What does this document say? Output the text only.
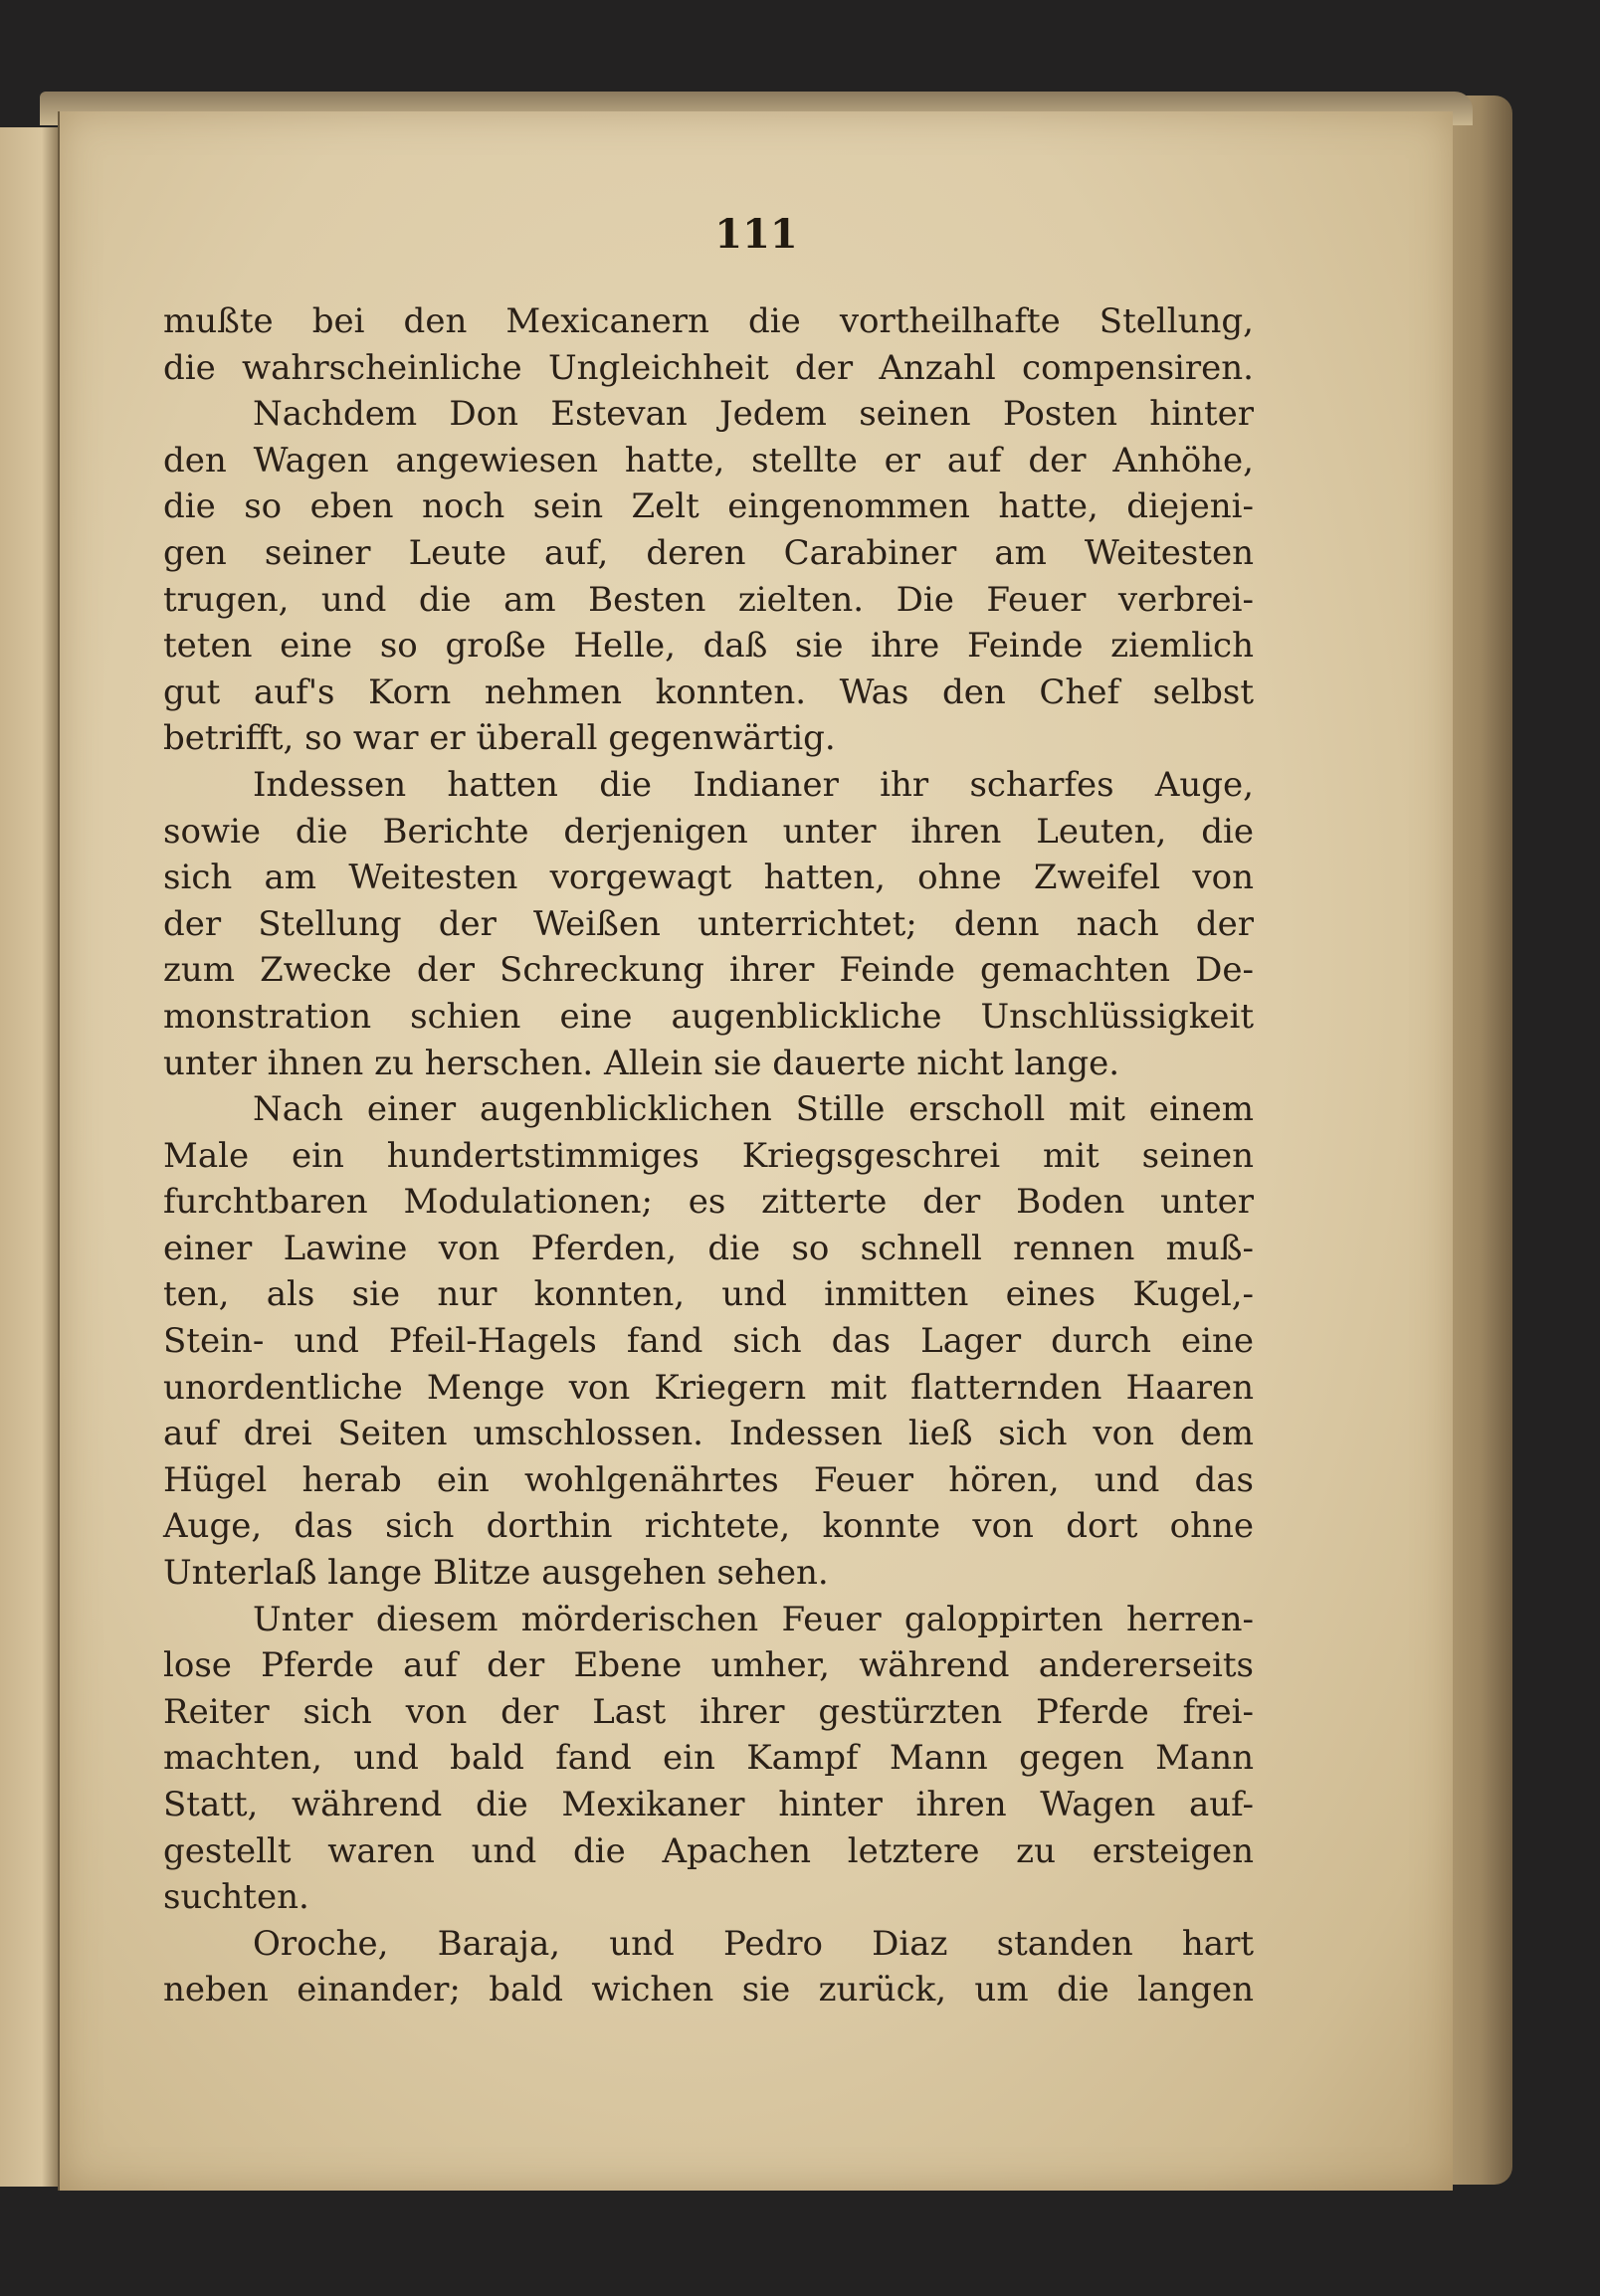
111
mußte bei den Mexicanern die vortheilhafte Stellung,
die wahrscheinliche Ungleichheit der Anzahl compensiren.
Nachdem Don Estevan Jedem seinen Posten hinter
den Wagen angewiesen hatte, stellte er auf der Anhöhe,
die so eben noch sein Zelt eingenommen hatte, diejeni-
gen seiner Leute auf, deren Carabiner am Weitesten
trugen, und die am Besten zielten. Die Feuer verbrei-
teten eine so große Helle, daß sie ihre Feinde ziemlich
gut auf's Korn nehmen konnten. Was den Chef selbst
betrifft, so war er überall gegenwärtig.
Indessen hatten die Indianer ihr scharfes Auge,
sowie die Berichte derjenigen unter ihren Leuten, die
sich am Weitesten vorgewagt hatten, ohne Zweifel von
der Stellung der Weißen unterrichtet; denn nach der
zum Zwecke der Schreckung ihrer Feinde gemachten De-
monstration schien eine augenblickliche Unschlüssigkeit
unter ihnen zu herschen. Allein sie dauerte nicht lange.
Nach einer augenblicklichen Stille erscholl mit einem
Male ein hundertstimmiges Kriegsgeschrei mit seinen
furchtbaren Modulationen; es zitterte der Boden unter
einer Lawine von Pferden, die so schnell rennen muß-
ten, als sie nur konnten, und inmitten eines Kugel,-
Stein- und Pfeil-Hagels fand sich das Lager durch eine
unordentliche Menge von Kriegern mit flatternden Haaren
auf drei Seiten umschlossen. Indessen ließ sich von dem
Hügel herab ein wohlgenährtes Feuer hören, und das
Auge, das sich dorthin richtete, konnte von dort ohne
Unterlaß lange Blitze ausgehen sehen.
Unter diesem mörderischen Feuer galoppirten herren-
lose Pferde auf der Ebene umher, während andererseits
Reiter sich von der Last ihrer gestürzten Pferde frei-
machten, und bald fand ein Kampf Mann gegen Mann
Statt, während die Mexikaner hinter ihren Wagen auf-
gestellt waren und die Apachen letztere zu ersteigen
suchten.
Oroche, Baraja, und Pedro Diaz standen hart
neben einander; bald wichen sie zurück, um die langen
